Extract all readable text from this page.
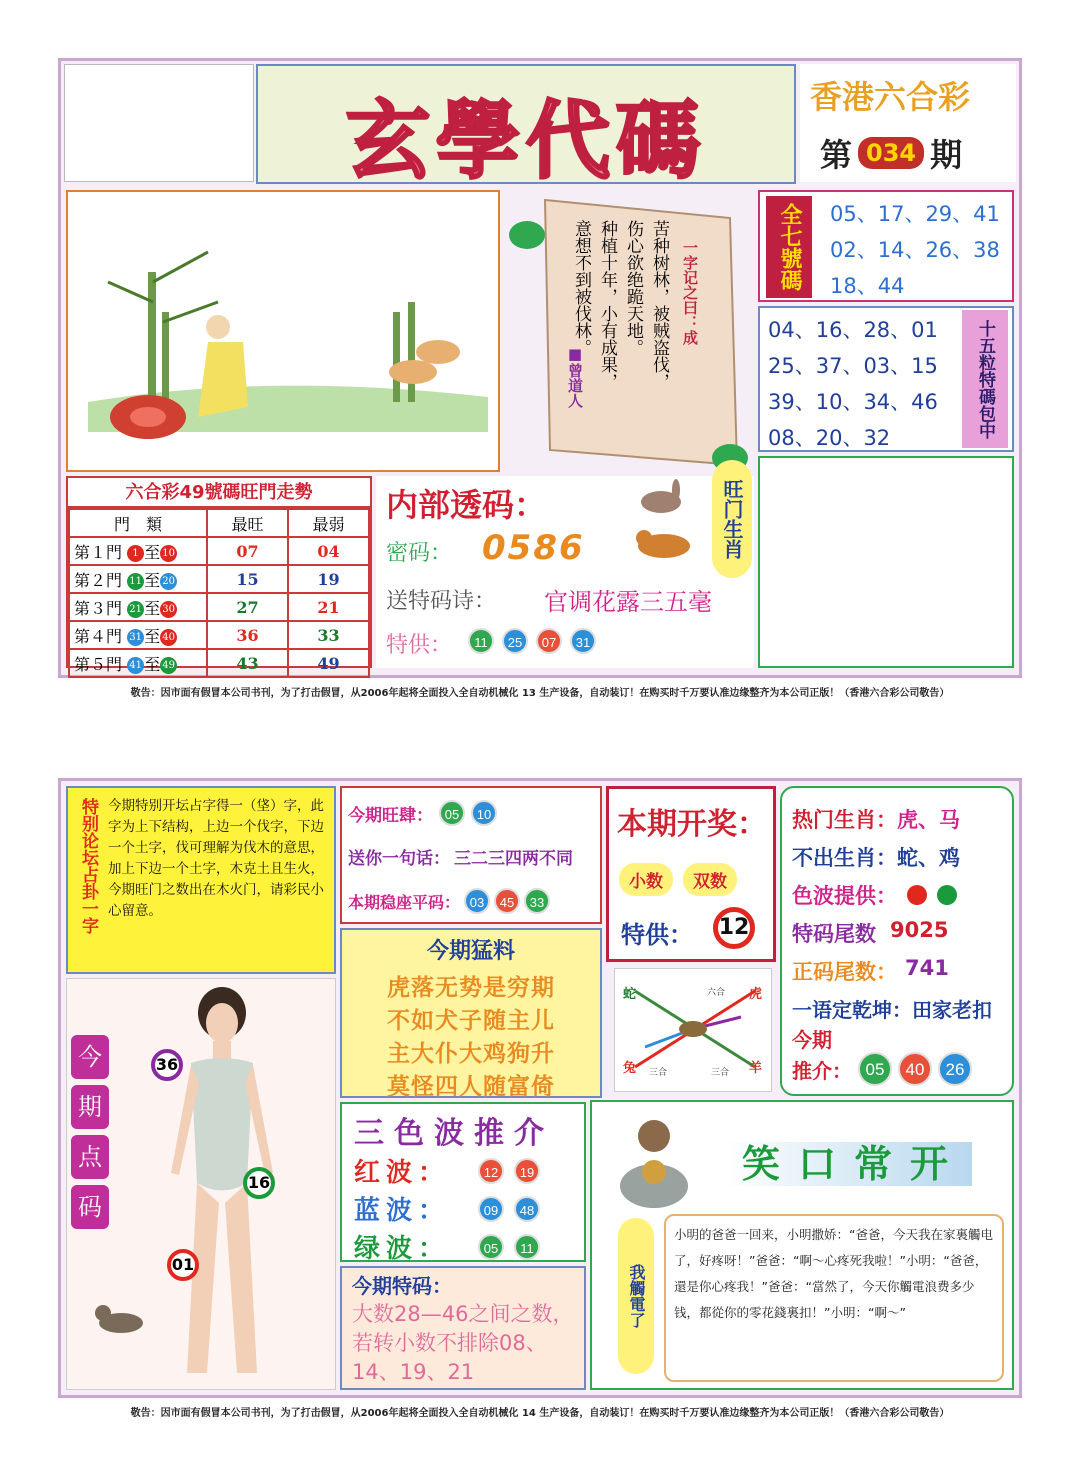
玄學代碼	香港六合彩
第 034 期
一字记之曰：成
苦种树林，被贼盗伐，
伤心欲绝跪天地。
种植十年，小有成果，
意想不到被伐林。
■曾道人
全七號碼	05、17、29、41
02、14、26、38
18、44
04、16、28、01
25、37、03、15
39、10、34、46
08、20、32	十五粒特碼包中
六合彩49號碼旺門走勢
門　類	最旺	最弱
第１門 1 至 10	07	04
第２門 11 至 20	15	19
第３門 21 至 30	27	21
第４門 31 至 40	36	33
第５門 41 至 49	43	49
内部透码：
密码： 0586
送特码诗： 官调花露三五毫
特供：	11	25	07	31
旺门生肖
敬告：因市面有假冒本公司书刊，为了打击假冒，从2006年起将全面投入全自动机械化 13 生产设备，自动装订！在购买时千万要认准边缘整齐为本公司正版！（香港六合彩公司敬告）
特别论坛占卦一字 今期特别开坛占字得一（垡）字，此字为上下结构，上边一个伐字，下边一个土字，伐可理解为伐木的意思，加上下边一个土字，木克土且生火，今期旺门之数出在木火门，请彩民小心留意。
今期旺肆： 05	10
送你一句话： 三二三四两不同
本期稳座平码： 03	45	33
本期开奖：
小数	双数
特供： 12
热门生肖：虎、马
不出生肖：蛇、鸡
色波提供：
特码尾数 9025
正码尾数： 741
一语定乾坤：田家老扣
今期
推介： 05	40	26
今期猛料
虎落无势是穷期
不如犬子随主儿
主大仆大鸡狗升
莫怪四人随富倚
蛇	虎
兔	羊
六合
三合	三合
今
期
点
码
36
16
01
三色波推介
红波：	12	19
蓝波：	09	48
绿波：	05	11
今期特码：
大数28—46之间之数，若转小数不排除08、14、19、21
笑口常开
我觸電了
小明的爸爸一回来，小明撒娇：“爸爸，今天我在家裏觸电了，好疼呀！”爸爸：“啊～心疼死我啦！”小明：“爸爸，還是你心疼我！”爸爸：“當然了，今天你觸電浪费多少钱，都從你的零花錢裏扣！”小明：“啊～”
敬告：因市面有假冒本公司书刊，为了打击假冒，从2006年起将全面投入全自动机械化 14 生产设备，自动装订！在购买时千万要认准边缘整齐为本公司正版！（香港六合彩公司敬告）
